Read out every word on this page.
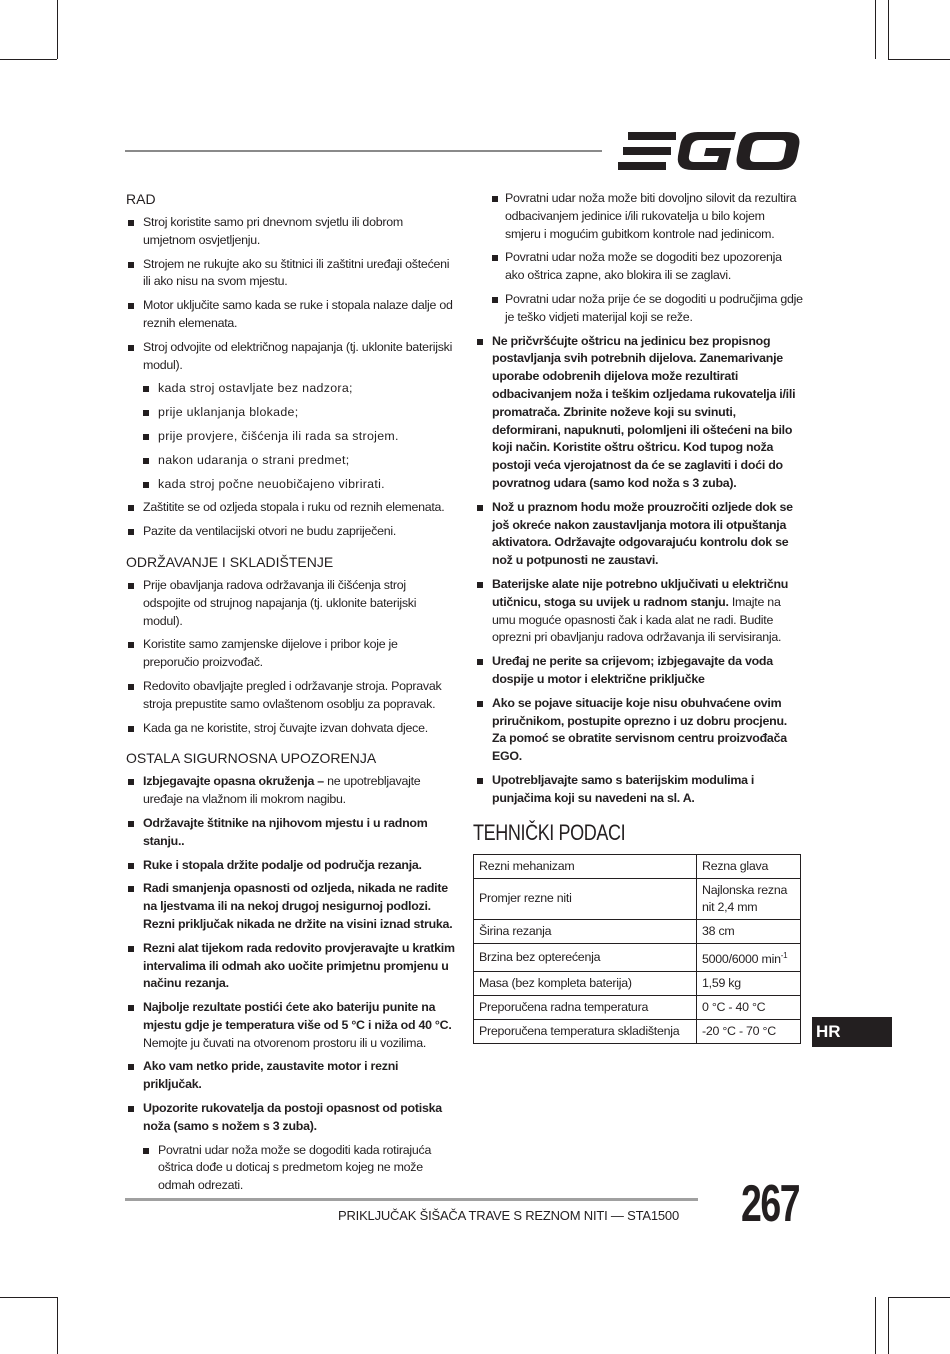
RAD
Stroj koristite samo pri dnevnom svjetlu ili dobrom umjetnom osvjetljenju.
Strojem ne rukujte ako su štitnici ili zaštitni uređaji oštećeni ili ako nisu na svom mjestu.
Motor uključite samo kada se ruke i stopala nalaze dalje od reznih elemenata.
Stroj odvojite od električnog napajanja (tj. uklonite baterijski modul).
kada stroj ostavljate bez nadzora;
prije uklanjanja blokade;
prije provjere, čišćenja ili rada sa strojem.
nakon udaranja o strani predmet;
kada stroj počne neuobičajeno vibrirati.
Zaštitite se od ozljeda stopala i ruku od reznih elemenata.
Pazite da ventilacijski otvori ne budu zapriječeni.
ODRŽAVANJE I SKLADIŠTENJE
Prije obavljanja radova održavanja ili čišćenja stroj odspojite od strujnog napajanja (tj. uklonite baterijski modul).
Koristite samo zamjenske dijelove i pribor koje je preporučio proizvođač.
Redovito obavljajte pregled i održavanje stroja. Popravak stroja prepustite samo ovlaštenom osoblju za popravak.
Kada ga ne koristite, stroj čuvajte izvan dohvata djece.
OSTALA SIGURNOSNA UPOZORENJA
Izbjegavajte opasna okruženja – ne upotrebljavajte uređaje na vlažnom ili mokrom nagibu.
Održavajte štitnike na njihovom mjestu i u radnom stanju..
Ruke i stopala držite podalje od područja rezanja.
Radi smanjenja opasnosti od ozljeda, nikada ne radite na ljestvama ili na nekoj drugoj nesigurnoj podlozi. Rezni priključak nikada ne držite na visini iznad struka.
Rezni alat tijekom rada redovito provjeravajte u kratkim intervalima ili odmah ako uočite primjetnu promjenu u načinu rezanja.
Najbolje rezultate postići ćete ako bateriju punite na mjestu gdje je temperatura više od 5 °C i niža od 40 °C. Nemojte ju čuvati na otvorenom prostoru ili u vozilima.
Ako vam netko pride, zaustavite motor i rezni priključak.
Upozorite rukovatelja da postoji opasnost od potiska noža (samo s nožem s 3 zuba).
Povratni udar noža može se dogoditi kada rotirajuća oštrica dođe u doticaj s predmetom kojeg ne može odmah odrezati.
Povratni udar noža može biti dovoljno silovit da rezultira odbacivanjem jedinice i/ili rukovatelja u bilo kojem smjeru i mogućim gubitkom kontrole nad jedinicom.
Povratni udar noža može se dogoditi bez upozorenja ako oštrica zapne, ako blokira ili se zaglavi.
Povratni udar noža prije će se dogoditi u područjima gdje je teško vidjeti materijal koji se reže.
Ne pričvršćujte oštricu na jedinicu bez propisnog postavljanja svih potrebnih dijelova. Zanemarivanje uporabe odobrenih dijelova može rezultirati odbacivanjem noža i teškim ozljedama rukovatelja i/ili promatrača. Zbrinite noževe koji su svinuti, deformirani, napuknuti, polomljeni ili oštećeni na bilo koji način. Koristite oštru oštricu. Kod tupog noža postoji veća vjerojatnost da će se zaglaviti i doći do povratnog udara (samo kod noža s 3 zuba).
Nož u praznom hodu može prouzročiti ozljede dok se još okreće nakon zaustavljanja motora ili otpuštanja aktivatora. Održavajte odgovarajuću kontrolu dok se nož u potpunosti ne zaustavi.
Baterijske alate nije potrebno uključivati u električnu utičnicu, stoga su uvijek u radnom stanju. Imajte na umu moguće opasnosti čak i kada alat ne radi. Budite oprezni pri obavljanju radova održavanja ili servisiranja.
Uređaj ne perite sa crijevom; izbjegavajte da voda dospije u motor i električne priključke
Ako se pojave situacije koje nisu obuhvaćene ovim priručnikom, postupite oprezno i uz dobru procjenu. Za pomoć se obratite servisnom centru proizvođača EGO.
Upotrebljavajte samo s baterijskim modulima i punjačima koji su navedeni na sl. A.
TEHNIČKI PODACI
Rezni mehanizam	Rezna glava
Promjer rezne niti	Najlonska rezna nit 2,4 mm
Širina rezanja	38 cm
Brzina bez opterećenja	5000/6000 $\min^{-1}$
Masa (bez kompleta baterija)	1,59 kg
Preporučena radna temperatura	0 °C - 40 °C
Preporučena temperatura skladištenja	-20 °C - 70 °C HR
PRIKLJUČAK ŠIŠAČA TRAVE S REZNOM NITI — STA1500 267
